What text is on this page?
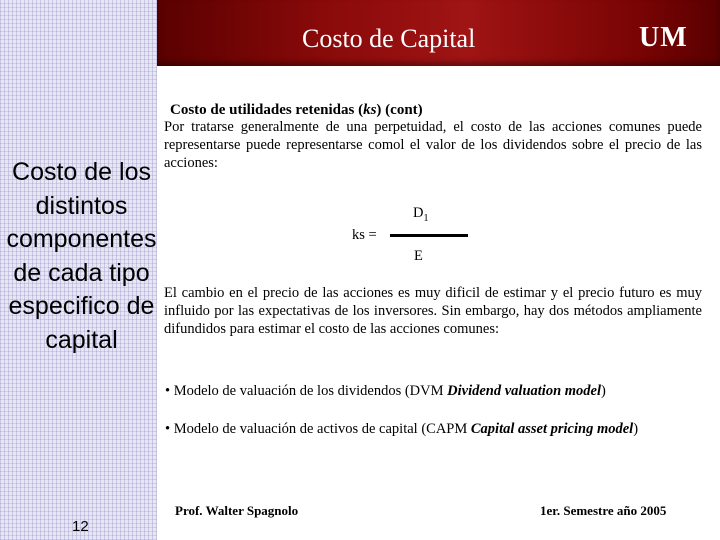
Costo de Capital	UM
Costo de los
distintos
componentes
de cada tipo
especifico de
capital
Costo de utilidades retenidas (ks) (cont)
Por tratarse generalmente de una perpetuidad, el costo de las acciones comunes puede representarse puede representarse comol el valor de los dividendos sobre el precio de las acciones:
$D_1$
ks =
E
El cambio en el precio de las acciones es muy dificil de estimar y el precio futuro es muy influido por las expectativas de los inversores. Sin embargo, hay dos métodos ampliamente difundidos para estimar el costo de las acciones comunes:
• Modelo de valuación de los dividendos (DVM Dividend valuation model)
• Modelo de valuación de activos de capital (CAPM Capital asset pricing model)
Prof. Walter Spagnolo	1er. Semestre año 2005
12
